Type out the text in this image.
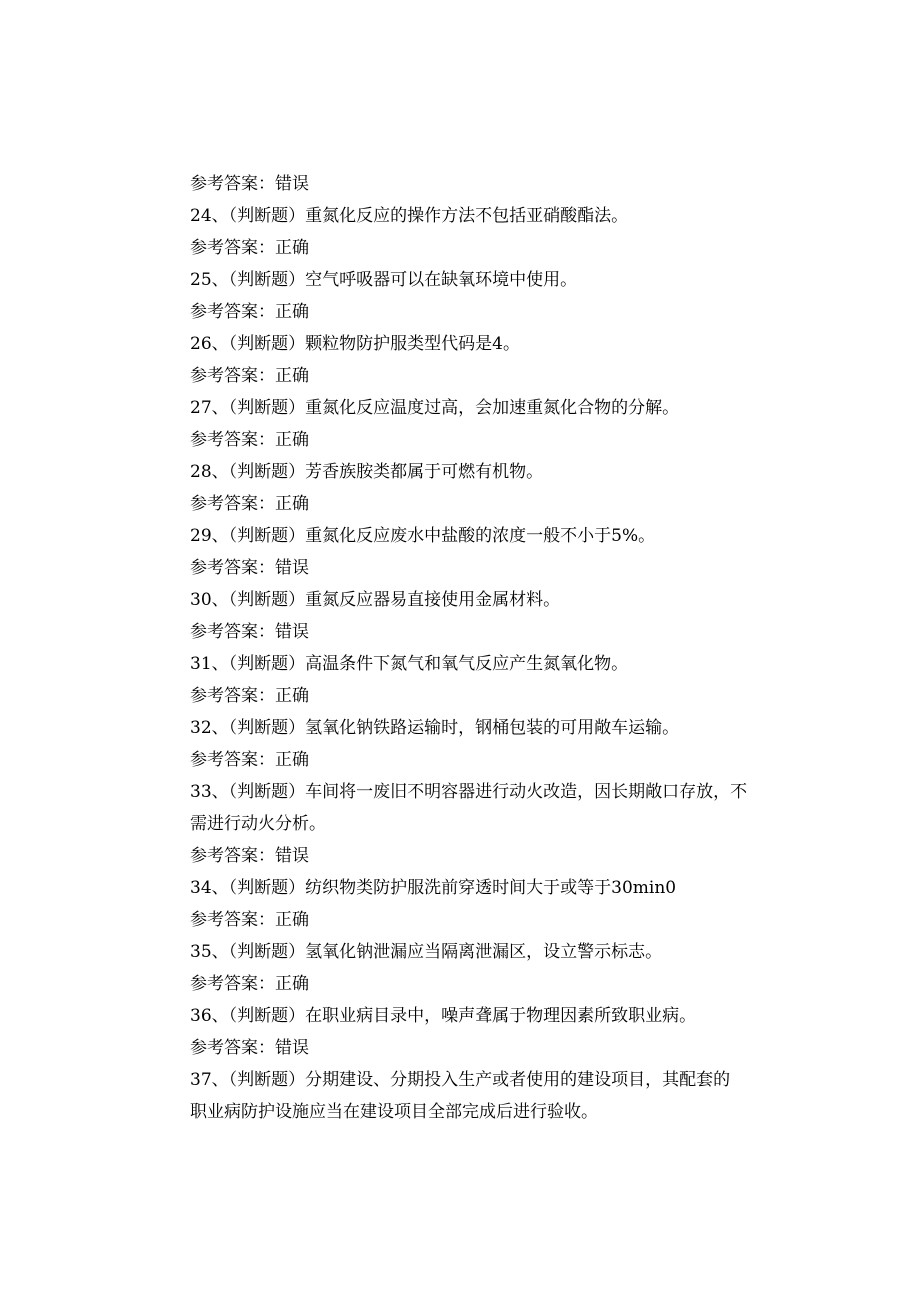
参考答案：错误
24、（判断题）重氮化反应的操作方法不包括亚硝酸酯法。
参考答案：正确
25、（判断题）空气呼吸器可以在缺氧环境中使用。
参考答案：正确
26、（判断题）颗粒物防护服类型代码是4。
参考答案：正确
27、（判断题）重氮化反应温度过高，会加速重氮化合物的分解。
参考答案：正确
28、（判断题）芳香族胺类都属于可燃有机物。
参考答案：正确
29、（判断题）重氮化反应废水中盐酸的浓度一般不小于5%。
参考答案：错误
30、（判断题）重氮反应器易直接使用金属材料。
参考答案：错误
31、（判断题）高温条件下氮气和氧气反应产生氮氧化物。
参考答案：正确
32、（判断题）氢氧化钠铁路运输时，钢桶包装的可用敞车运输。
参考答案：正确
33、（判断题）车间将一废旧不明容器进行动火改造，因长期敞口存放，不
需进行动火分析。
参考答案：错误
34、（判断题）纺织物类防护服洗前穿透时间大于或等于30min0
参考答案：正确
35、（判断题）氢氧化钠泄漏应当隔离泄漏区，设立警示标志。
参考答案：正确
36、（判断题）在职业病目录中，噪声聋属于物理因素所致职业病。
参考答案：错误
37、（判断题）分期建设、分期投入生产或者使用的建设项目，其配套的
职业病防护设施应当在建设项目全部完成后进行验收。
